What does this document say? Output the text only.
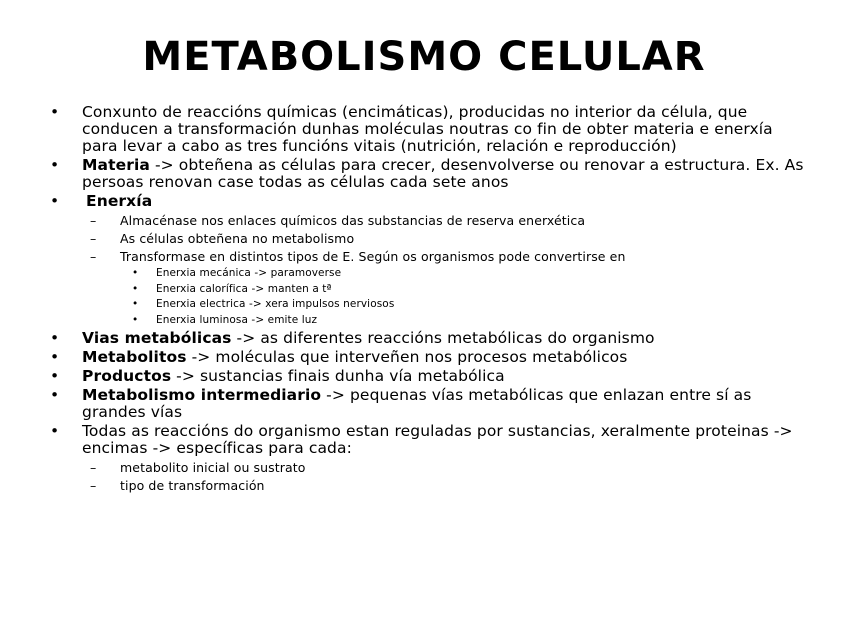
METABOLISMO CELULAR
•	Conxunto de reaccións químicas (encimáticas), producidas no interior da célula, que conducen a transformación dunhas moléculas noutras co fin de obter materia e enerxía para levar a cabo as tres funcións vitais (nutrición, relación e reproducción)
•	Materia -> obteñena as células para crecer, desenvolverse ou renovar a estructura. Ex. As persoas renovan case todas as células cada sete anos
•	Enerxía
– Almacénase nos enlaces químicos das substancias de reserva enerxética
– As células obteñena no metabolismo
– Transformase en distintos tipos de E. Según os organismos pode convertirse en
•	Enerxia mecánica -> paramoverse
•	Enerxia calorífica -> manten a tª
•	Enerxia electrica -> xera impulsos nerviosos
•	Enerxia luminosa -> emite luz
•	Vias metabólicas -> as diferentes reaccións metabólicas do organismo
•	Metabolitos -> moléculas que interveñen nos procesos metabólicos
•	Productos -> sustancias finais dunha vía metabólica
•	Metabolismo intermediario -> pequenas vías metabólicas que enlazan entre sí as grandes vías
•	Todas as reaccións do organismo estan reguladas por sustancias, xeralmente proteinas -> encimas -> específicas para cada:
– metabolito inicial ou sustrato
– tipo de transformación
